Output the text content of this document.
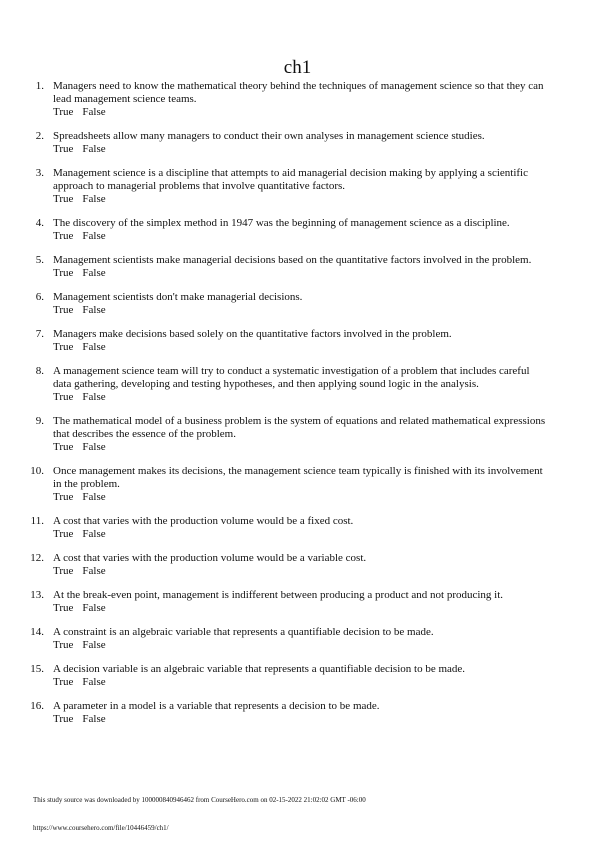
ch1
1. Managers need to know the mathematical theory behind the techniques of management science so that they can lead management science teams.
True False
2. Spreadsheets allow many managers to conduct their own analyses in management science studies.
True False
3. Management science is a discipline that attempts to aid managerial decision making by applying a scientific approach to managerial problems that involve quantitative factors.
True False
4. The discovery of the simplex method in 1947 was the beginning of management science as a discipline.
True False
5. Management scientists make managerial decisions based on the quantitative factors involved in the problem.
True False
6. Management scientists don't make managerial decisions.
True False
7. Managers make decisions based solely on the quantitative factors involved in the problem.
True False
8. A management science team will try to conduct a systematic investigation of a problem that includes careful data gathering, developing and testing hypotheses, and then applying sound logic in the analysis.
True False
9. The mathematical model of a business problem is the system of equations and related mathematical expressions that describes the essence of the problem.
True False
10. Once management makes its decisions, the management science team typically is finished with its involvement in the problem.
True False
11. A cost that varies with the production volume would be a fixed cost.
True False
12. A cost that varies with the production volume would be a variable cost.
True False
13. At the break-even point, management is indifferent between producing a product and not producing it.
True False
14. A constraint is an algebraic variable that represents a quantifiable decision to be made.
True False
15. A decision variable is an algebraic variable that represents a quantifiable decision to be made.
True False
16. A parameter in a model is a variable that represents a decision to be made.
True False
This study source was downloaded by 100000840946462 from CourseHero.com on 02-15-2022 21:02:02 GMT -06:00
https://www.coursehero.com/file/10446459/ch1/
